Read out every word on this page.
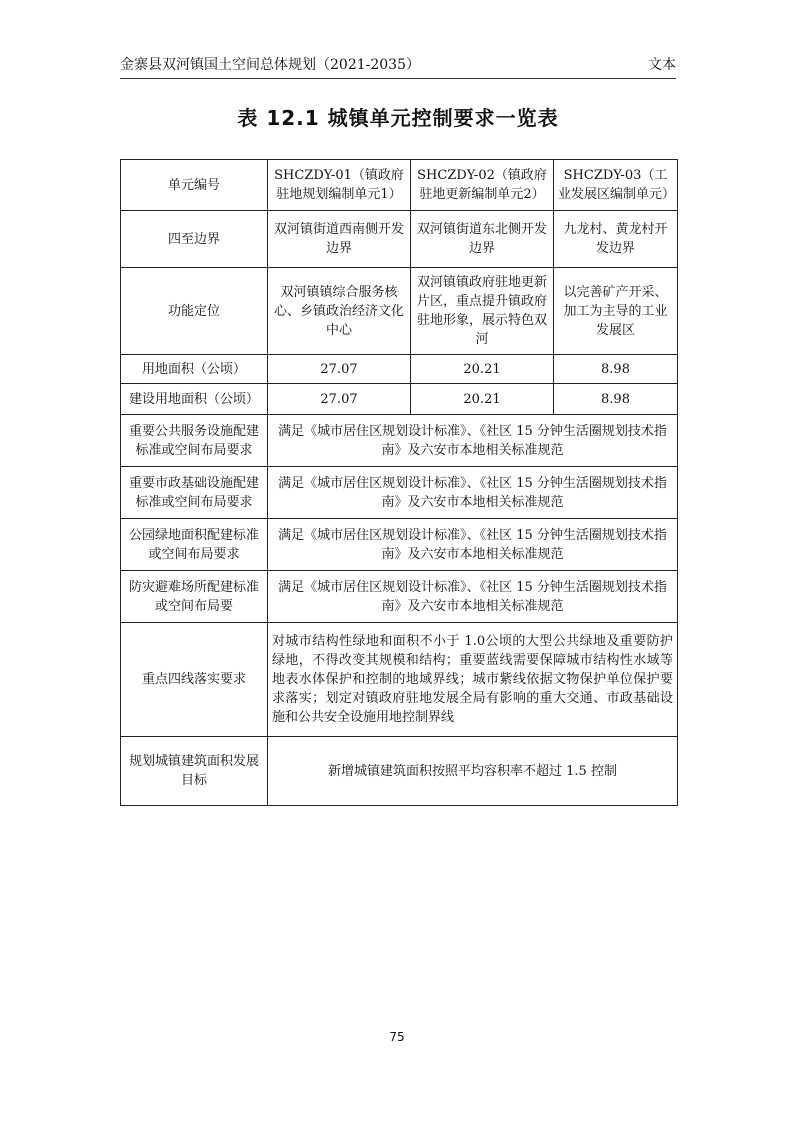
金寨县双河镇国土空间总体规划（2021-2035）	文本
表 12.1 城镇单元控制要求一览表
单元编号	SHCZDY-01（镇政府驻地规划编制单元1）	SHCZDY-02（镇政府驻地更新编制单元2）	SHCZDY-03（工业发展区编制单元）
四至边界	双河镇街道西南侧开发边界	双河镇街道东北侧开发边界	九龙村、黄龙村开发边界
功能定位	双河镇镇综合服务核心、乡镇政治经济文化中心	双河镇镇政府驻地更新片区，重点提升镇政府驻地形象，展示特色双河	以完善矿产开采、加工为主导的工业发展区
用地面积（公顷）	27.07	20.21	8.98
建设用地面积（公顷）	27.07	20.21	8.98
重要公共服务设施配建标准或空间布局要求	满足《城市居住区规划设计标准》、《社区 15 分钟生活圈规划技术指南》及六安市本地相关标准规范		
重要市政基础设施配建标准或空间布局要求	满足《城市居住区规划设计标准》、《社区 15 分钟生活圈规划技术指南》及六安市本地相关标准规范		
公园绿地面积配建标准或空间布局要求	满足《城市居住区规划设计标准》、《社区 15 分钟生活圈规划技术指南》及六安市本地相关标准规范		
防灾避难场所配建标准或空间布局要	满足《城市居住区规划设计标准》、《社区 15 分钟生活圈规划技术指南》及六安市本地相关标准规范		
重点四线落实要求	对城市结构性绿地和面积不小于 1.0公顷的大型公共绿地及重要防护绿地，不得改变其规模和结构；重要蓝线需要保障城市结构性水域等地表水体保护和控制的地域界线；城市紫线依据文物保护单位保护要求落实；划定对镇政府驻地发展全局有影响的重大交通、市政基础设施和公共安全设施用地控制界线		
规划城镇建筑面积发展目标	新增城镇建筑面积按照平均容积率不超过 1.5 控制		
75
